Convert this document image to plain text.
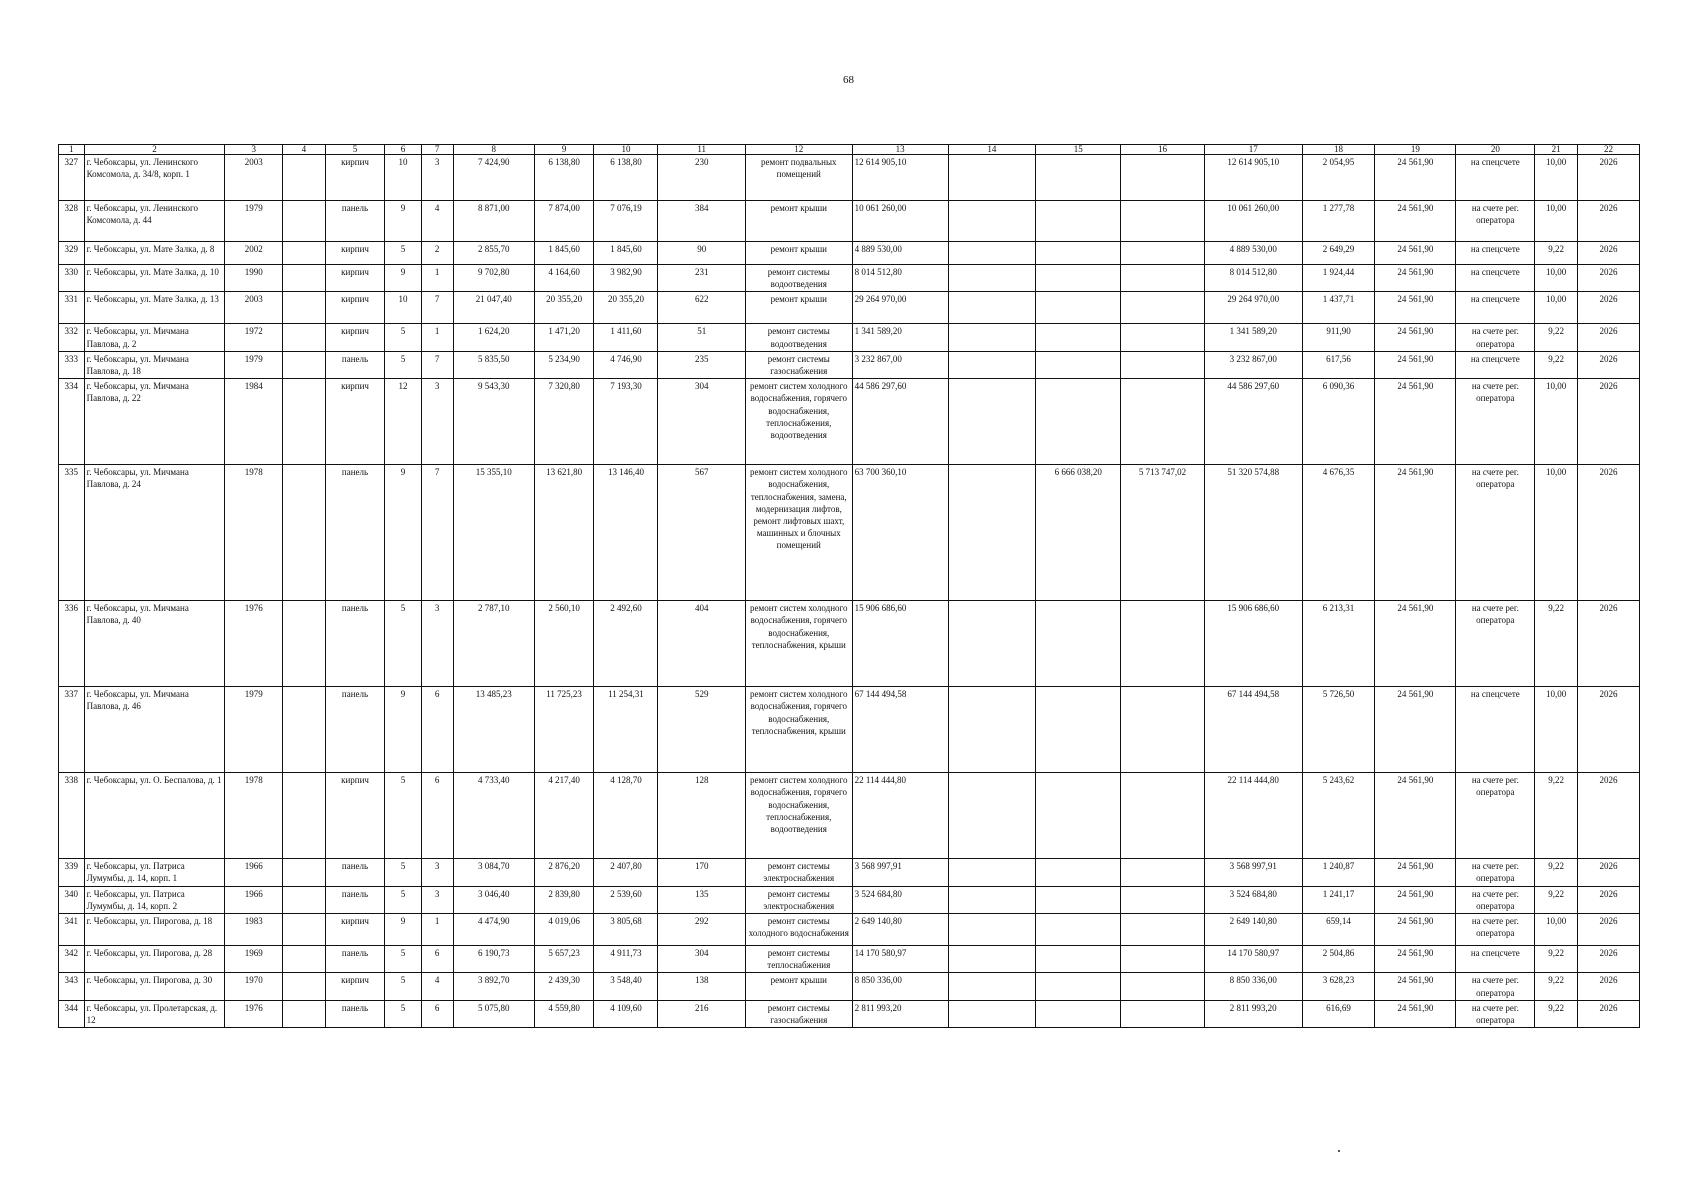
68
1	2	3	4	5	6	7	8	9	10	11	12	13	14	15	16	17	18	19	20	21	22
327	г. Чебоксары, ул. Ленинского Комсомола, д. 34/8, корп. 1	2003		кирпич	10	3	7 424,90	6 138,80	6 138,80	230	ремонт подвальных помещений	12 614 905,10				12 614 905,10	2 054,95	24 561,90	на спецсчете	10,00	2026
328	г. Чебоксары, ул. Ленинского Комсомола, д. 44	1979		панель	9	4	8 871,00	7 874,00	7 076,19	384	ремонт крыши	10 061 260,00				10 061 260,00	1 277,78	24 561,90	на счете рег. оператора	10,00	2026
329	г. Чебоксары, ул. Мате Залка, д. 8	2002		кирпич	5	2	2 855,70	1 845,60	1 845,60	90	ремонт крыши	4 889 530,00				4 889 530,00	2 649,29	24 561,90	на спецсчете	9,22	2026
330	г. Чебоксары, ул. Мате Залка, д. 10	1990		кирпич	9	1	9 702,80	4 164,60	3 982,90	231	ремонт системы водоотведения	8 014 512,80				8 014 512,80	1 924,44	24 561,90	на спецсчете	10,00	2026
331	г. Чебоксары, ул. Мате Залка, д. 13	2003		кирпич	10	7	21 047,40	20 355,20	20 355,20	622	ремонт крыши	29 264 970,00				29 264 970,00	1 437,71	24 561,90	на спецсчете	10,00	2026
332	г. Чебоксары, ул. Мичмана Павлова, д. 2	1972		кирпич	5	1	1 624,20	1 471,20	1 411,60	51	ремонт системы водоотведения	1 341 589,20				1 341 589,20	911,90	24 561,90	на счете рег. оператора	9,22	2026
333	г. Чебоксары, ул. Мичмана Павлова, д. 18	1979		панель	5	7	5 835,50	5 234,90	4 746,90	235	ремонт системы газоснабжения	3 232 867,00				3 232 867,00	617,56	24 561,90	на спецсчете	9,22	2026
334	г. Чебоксары, ул. Мичмана Павлова, д. 22	1984		кирпич	12	3	9 543,30	7 320,80	7 193,30	304	ремонт систем холодного водоснабжения, горячего водоснабжения, теплоснабжения, водоотведения	44 586 297,60				44 586 297,60	6 090,36	24 561,90	на счете рег. оператора	10,00	2026
335	г. Чебоксары, ул. Мичмана Павлова, д. 24	1978		панель	9	7	15 355,10	13 621,80	13 146,40	567	ремонт систем холодного водоснабжения, теплоснабжения, замена, модернизация лифтов, ремонт лифтовых шахт, машинных и блочных помещений	63 700 360,10		6 666 038,20	5 713 747,02	51 320 574,88	4 676,35	24 561,90	на счете рег. оператора	10,00	2026
336	г. Чебоксары, ул. Мичмана Павлова, д. 40	1976		панель	5	3	2 787,10	2 560,10	2 492,60	404	ремонт систем холодного водоснабжения, горячего водоснабжения, теплоснабжения, крыши	15 906 686,60				15 906 686,60	6 213,31	24 561,90	на счете рег. оператора	9,22	2026
337	г. Чебоксары, ул. Мичмана Павлова, д. 46	1979		панель	9	6	13 485,23	11 725,23	11 254,31	529	ремонт систем холодного водоснабжения, горячего водоснабжения, теплоснабжения, крыши	67 144 494,58				67 144 494,58	5 726,50	24 561,90	на спецсчете	10,00	2026
338	г. Чебоксары, ул. О. Беспалова, д. 1	1978		кирпич	5	6	4 733,40	4 217,40	4 128,70	128	ремонт систем холодного водоснабжения, горячего водоснабжения, теплоснабжения, водоотведения	22 114 444,80				22 114 444,80	5 243,62	24 561,90	на счете рег. оператора	9,22	2026
339	г. Чебоксары, ул. Патриса Лумумбы, д. 14, корп. 1	1966		панель	5	3	3 084,70	2 876,20	2 407,80	170	ремонт системы электроснабжения	3 568 997,91				3 568 997,91	1 240,87	24 561,90	на счете рег. оператора	9,22	2026
340	г. Чебоксары, ул. Патриса Лумумбы, д. 14, корп. 2	1966		панель	5	3	3 046,40	2 839,80	2 539,60	135	ремонт системы электроснабжения	3 524 684,80				3 524 684,80	1 241,17	24 561,90	на счете рег. оператора	9,22	2026
341	г. Чебоксары, ул. Пирогова, д. 18	1983		кирпич	9	1	4 474,90	4 019,06	3 805,68	292	ремонт системы холодного водоснабжения	2 649 140,80				2 649 140,80	659,14	24 561,90	на счете рег. оператора	10,00	2026
342	г. Чебоксары, ул. Пирогова, д. 28	1969		панель	5	6	6 190,73	5 657,23	4 911,73	304	ремонт системы теплоснабжения	14 170 580,97				14 170 580,97	2 504,86	24 561,90	на спецсчете	9,22	2026
343	г. Чебоксары, ул. Пирогова, д. 30	1970		кирпич	5	4	3 892,70	2 439,30	3 548,40	138	ремонт крыши	8 850 336,00				8 850 336,00	3 628,23	24 561,90	на счете рег. оператора	9,22	2026
344	г. Чебоксары, ул. Пролетарская, д. 12	1976		панель	5	6	5 075,80	4 559,80	4 109,60	216	ремонт системы газоснабжения	2 811 993,20				2 811 993,20	616,69	24 561,90	на счете рег. оператора	9,22	2026
